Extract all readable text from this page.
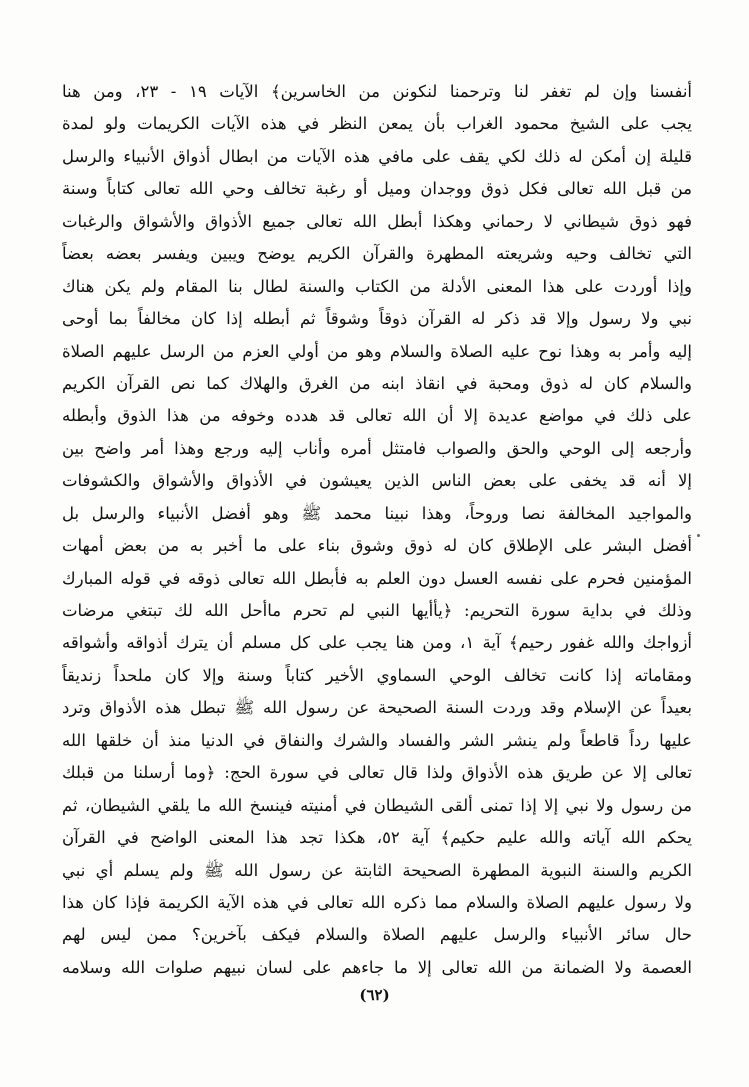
أنفسنا وإن لم تغفر لنا وترحمنا لنكونن من الخاسرين﴾ الآيات ١٩ - ٢٣، ومن هنا
يجب على الشيخ محمود الغراب بأن يمعن النظر في هذه الآيات الكريمات ولو لمدة
قليلة إن أمكن له ذلك لكي يقف على مافي هذه الآيات من ابطال أذواق الأنبياء والرسل
من قبل الله تعالى فكل ذوق ووجدان وميل أو رغبة تخالف وحي الله تعالى كتاباً وسنة
فهو ذوق شيطاني لا رحماني وهكذا أبطل الله تعالى جميع الأذواق والأشواق والرغبات
التي تخالف وحيه وشريعته المطهرة والقرآن الكريم يوضح ويبين ويفسر بعضه بعضاً
وإذا أوردت على هذا المعنى الأدلة من الكتاب والسنة لطال بنا المقام ولم يكن هناك
نبي ولا رسول وإلا قد ذكر له القرآن ذوقاً وشوقاً ثم أبطله إذا كان مخالفاً بما أوحى
إليه وأمر به وهذا نوح عليه الصلاة والسلام وهو من أولي العزم من الرسل عليهم الصلاة
والسلام كان له ذوق ومحبة في انقاذ ابنه من الغرق والهلاك كما نص القرآن الكريم
على ذلك في مواضع عديدة إلا أن الله تعالى قد هدده وخوفه من هذا الذوق وأبطله
وأرجعه إلى الوحي والحق والصواب فامتثل أمره وأناب إليه ورجع وهذا أمر واضح بين
إلا أنه قد يخفى على بعض الناس الذين يعيشون في الأذواق والأشواق والكشوفات
والمواجيد المخالفة نصا وروحاً، وهذا نبينا محمد ﷺ وهو أفضل الأنبياء والرسل بل
أفضل البشر على الإطلاق كان له ذوق وشوق بناء على ما أخبر به من بعض أمهات
المؤمنين فحرم على نفسه العسل دون العلم به فأبطل الله تعالى ذوقه في قوله المبارك
وذلك في بداية سورة التحريم: ﴿يأأيها النبي لم تحرم ماأحل الله لك تبتغي مرضات
أزواجك والله غفور رحيم﴾ آية ١، ومن هنا يجب على كل مسلم أن يترك أذواقه وأشواقه
ومقاماته إذا كانت تخالف الوحي السماوي الأخير كتاباً وسنة وإلا كان ملحداً زنديقاً
بعيداً عن الإسلام وقد وردت السنة الصحيحة عن رسول الله ﷺ تبطل هذه الأذواق وترد
عليها رداً قاطعاً ولم ينشر الشر والفساد والشرك والنفاق في الدنيا منذ أن خلقها الله
تعالى إلا عن طريق هذه الأذواق ولذا قال تعالى في سورة الحج: ﴿وما أرسلنا من قبلك
من رسول ولا نبي إلا إذا تمنى ألقى الشيطان في أمنيته فينسخ الله ما يلقي الشيطان، ثم
يحكم الله آياته والله عليم حكيم﴾ آية ٥٢، هكذا تجد هذا المعنى الواضح في القرآن
الكريم والسنة النبوية المطهرة الصحيحة الثابتة عن رسول الله ﷺ ولم يسلم أي نبي
ولا رسول عليهم الصلاة والسلام مما ذكره الله تعالى في هذه الآية الكريمة فإذا كان هذا
حال سائر الأنبياء والرسل عليهم الصلاة والسلام فيكف بآخرين؟ ممن ليس لهم
العصمة ولا الضمانة من الله تعالى إلا ما جاءهم على لسان نبيهم صلوات الله وسلامه
(٦٢)
